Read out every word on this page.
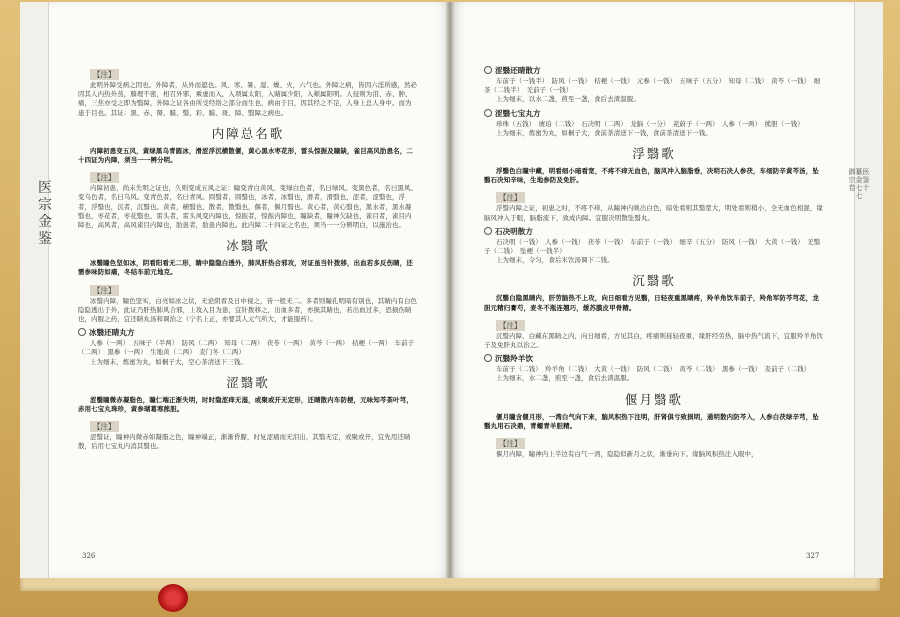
医宗金鉴
御纂医宗金鉴卷七十七
【注】

此明外障受病之因也。外障者，从外而遮也。风、寒、暑、湿、燥、火，六气也。外障之病，皆因六淫所感，然必因其人内热外蒸，腠理不密，相召外邪，乘虚而入，入项属太阳，入睛属少阳，入颊属阳明。人侵则为泪、赤、肿、痛，三焦亦受之即为翳障，外障之证各由所受经络之部分而生也，病由于目，因其经之不足，人身上总人身中。而为患于目也。其证：黑、赤、胬、膜、翳、彩、膜、斑、障、翳障之病也。

内障总名歌

内障初患变五风，黄绿黑乌青圆冰，滑涩浮沉横散偃，黄心黑水枣花形，雷头惊振及瞳缺，雀目高风肋患名，二十四证为内障，须当一一辨分明。

【注】

内障初患，尚未失明之证也，久则变成五风之证：瞳变青白黄风，变绿白色者，名曰绿风。变黑色者，名曰黑风。变乌色者，名曰乌风。变青色者，名曰青风。圆翳者，圆翳也，冰者，冰翳也，滑者，滑翳也，涩者，涩翳也，浮者，浮翳也，沉者，沉翳也。黄者，横翳也，散者，散翳也，偃者，偃月翳也。黄心者，黄心翳也，黑水者，黑水凝翳也，枣花者，枣花翳也，雷头者，雷头风变内障也，惊振者，惊振内障也，瞳缺者，瞳神欠缺也，雀目者，雀目内障也，高风者，高风雀目内障也，肋患者，肋患内障也。此内障二十四证之名也，须当一一分辨明白，以施治也。

冰翳歌

冰翳瞳色坚如冰，阴看阳看无二形，睛中隐隐白透外，肺风肝热合邪攻，对证虽当针拨移，出血若多反伤睛，还需参味防如痛，冬结车前元地克。

【注】

冰翳内障，瞳色坚实，白亮如冰之状，无论阴看及日中视之，皆一般无二。多者则瞳孔明暗有别也，其睛内有白色隐隐透出于外，此证乃肝热肺风合邪，上攻入目为患，宜针拨移之，出血多者，亦损其睛也，若出血过多，恐损伤睛也，内服之药，宜还睛丸汤和调治之（宁名上正，亦要其人元气所大，才能服药）。

冰翳还睛丸方

人参（一两）　五味子（半两）　防风（二两）　知母（二两）　茯苓（一两）　黄芩（一两）　桔梗（一两）　车前子（二两）　黑参（一两）　生地黄（二两）　麦门冬（二两）

上为细末，炼蜜为丸，如桐子大，空心茶清送下三钱。

涩翳歌

涩翳瞳微赤凝脂色，瞳仁端正渐失明，时时隐涩痒无湿，或聚或开无定形，还睛散内车防梗，元味知芩茶叶芎，赤用七宝丸珠珍，黄参瑚葛寒熊胆。

【注】

涩翳证，瞳神内微赤如凝脂之色，瞳神端正，渐渐昏朦，时复涩痛而无泪出，其翳无定，或聚或开，宜先用还睛散，后用七宝丸内消其翳也。

涩翳还睛散方

车前子（一钱半）　防风（一钱）　桔梗（一钱）　元参（一钱）　五味子（五分）　知母（二钱）　黄芩（一钱）　细茶（二钱半）　羌前子（一钱）

上为细末，以水二盏，煎至一盏，食后去渣温服。

涩翳七宝丸方

珍珠（五钱）　琥珀（二钱）　石决明（二两）　龙脑（一分）　茺蔚子（一两）　人参（一两）　熊胆（一钱）

上为细末，炼蜜为丸，如桐子大，食前茶清送下一钱，食前茶清送下一钱。

浮翳歌

浮翳色白瞳中藏，明看细小暗看宽，不疼不痒无血色，脑风冲入脑脂垂，决明石决人参茯，车细防辛黄芩汤，坠翳石决知辛味，生地参防及免肝。

【注】

浮翳内障之证，初患之时，不疼不痒，从瞳神内映出白色，暗处看则其翳宽大，明处看则稍小，全无血色相混，缘脑风冲入于眼，脑脂流下，致成内障。宜服决明散坠翳丸。

石决明散方

石决明（一钱）　人参（一钱）　茯苓（一钱）　车前子（一钱）　细辛（五分）　防风（一钱）　大黄（一钱）　羌翳子（二钱）　坠梗（一钱半）

上为细末，令匀，食后米饮汤调下二钱。

沉翳歌

沉翳白隐黑睛内，肝劳脑热不上攻，向日细看方见翳，日轻夜重黑睛疼，羚羊角饮车前子，羚角军防芩芎花，龙胆元精归膏芍，麦冬不瓶连翘巧，煖苏膜皮甲骨精。

【注】

沉翳内障，白藏在黑睛之内，向日细看，方见其白，疼痛则昼轻夜重，缘肝经劳热，脑中热气流下，宜服羚羊角饮子及免肝丸以治之。

沉翳羚羊饮

车前子（二钱）　羚羊角（二钱）　大黄（一钱）　防风（二钱）　黄芩（二钱）　黑参（一钱）　麦前子（二钱）

上为细末，水二盏，煎至一盏，食后去渣温服。

偃月翳歌

偃月瞳含偃月形，一湾白气向下来，脑风积热下注明，肝肾俱亏致损明，通明散内防芩入，人参白茯绿辛芎，坠翳丸用石决鼎，青螺青羊胆精。

【注】

偃月内障，瞳神内上半边有白气一湾，隐隐似新月之状，渐垂向下。缘脑风积热注入眼中，

326	327
